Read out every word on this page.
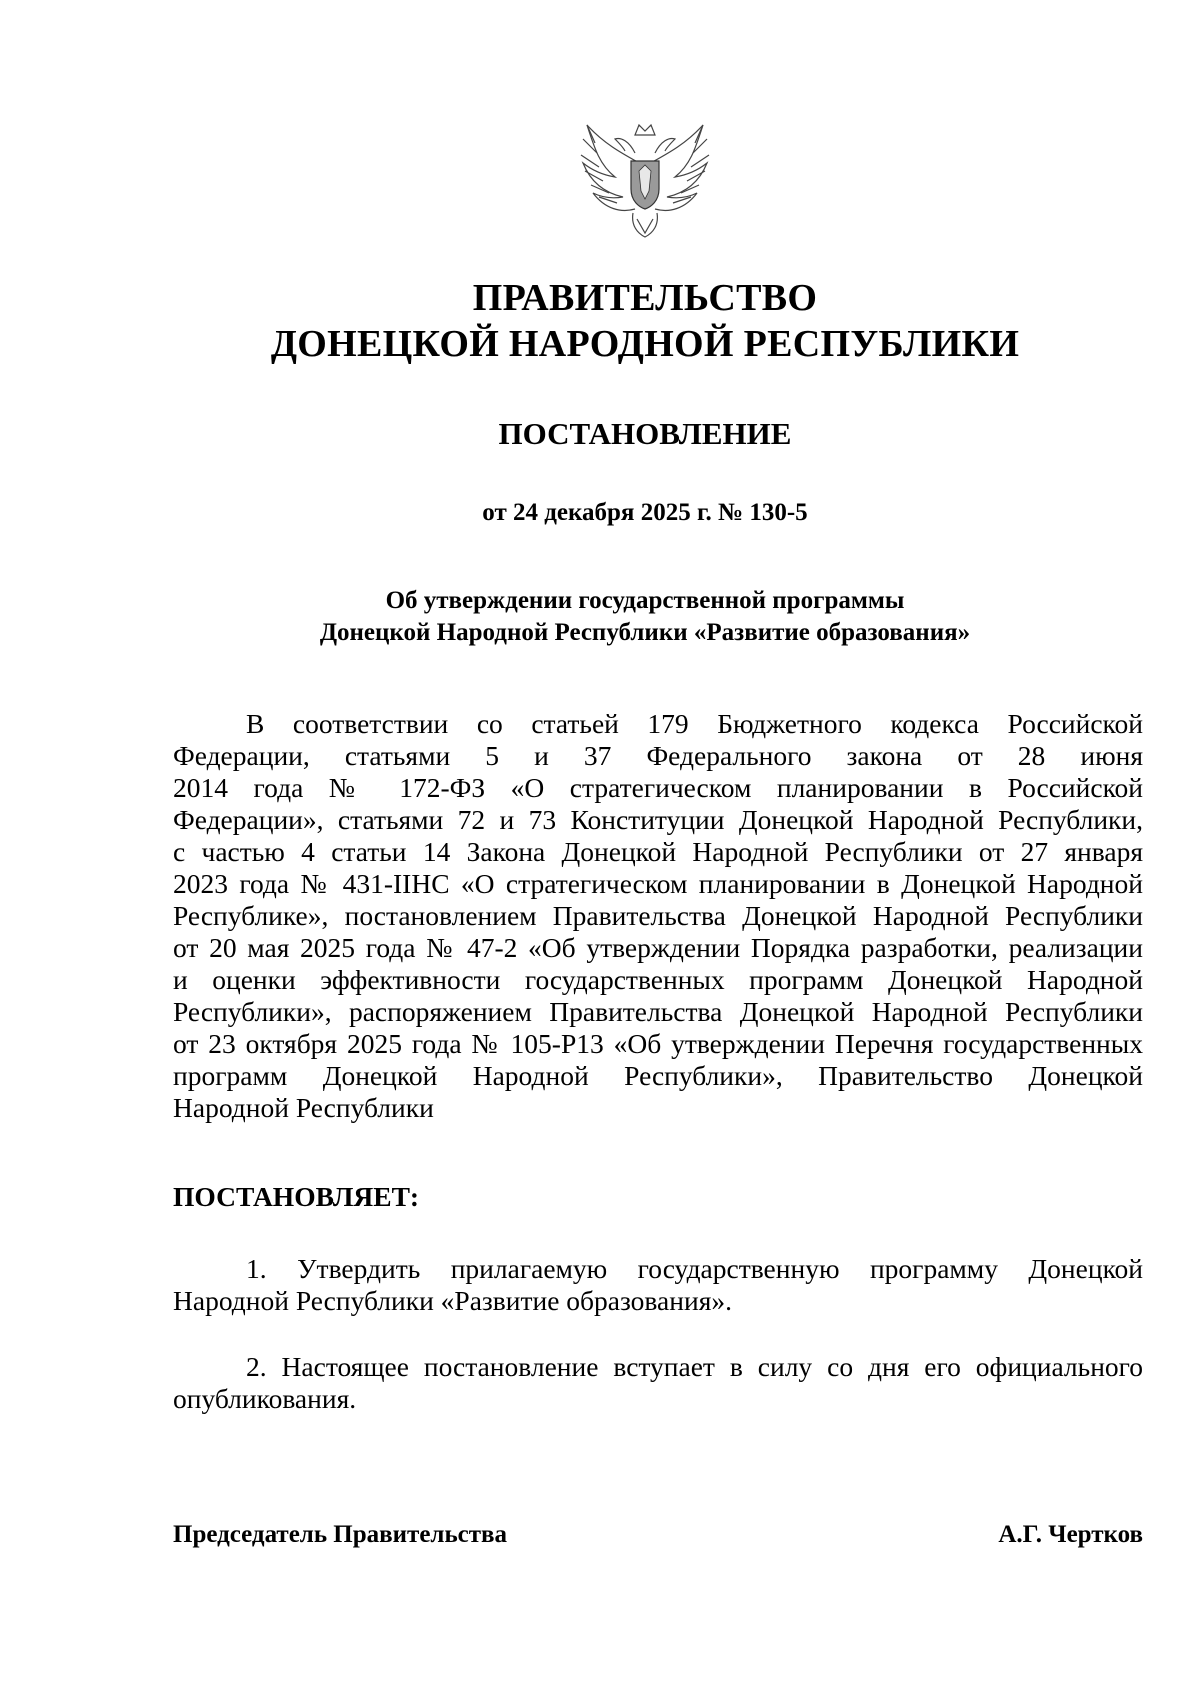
ПРАВИТЕЛЬСТВО
ДОНЕЦКОЙ НАРОДНОЙ РЕСПУБЛИКИ
ПОСТАНОВЛЕНИЕ
от 24 декабря 2025 г. № 130-5
Об утверждении государственной программы
Донецкой Народной Республики «Развитие образования»
В соответствии со статьей 179 Бюджетного кодекса Российской
Федерации, статьями 5 и 37 Федерального закона от 28 июня
2014 года № 172-ФЗ «О стратегическом планировании в Российской
Федерации», статьями 72 и 73 Конституции Донецкой Народной Республики,
с частью 4 статьи 14 Закона Донецкой Народной Республики от 27 января
2023 года № 431-IIНС «О стратегическом планировании в Донецкой Народной
Республике», постановлением Правительства Донецкой Народной Республики
от 20 мая 2025 года № 47-2 «Об утверждении Порядка разработки, реализации
и оценки эффективности государственных программ Донецкой Народной
Республики», распоряжением Правительства Донецкой Народной Республики
от 23 октября 2025 года № 105-Р13 «Об утверждении Перечня государственных
программ Донецкой Народной Республики», Правительство Донецкой
Народной Республики
ПОСТАНОВЛЯЕТ:
1. Утвердить прилагаемую государственную программу Донецкой
Народной Республики «Развитие образования».
2. Настоящее постановление вступает в силу со дня его официального
опубликования.
Председатель Правительства	А.Г. Чертков
